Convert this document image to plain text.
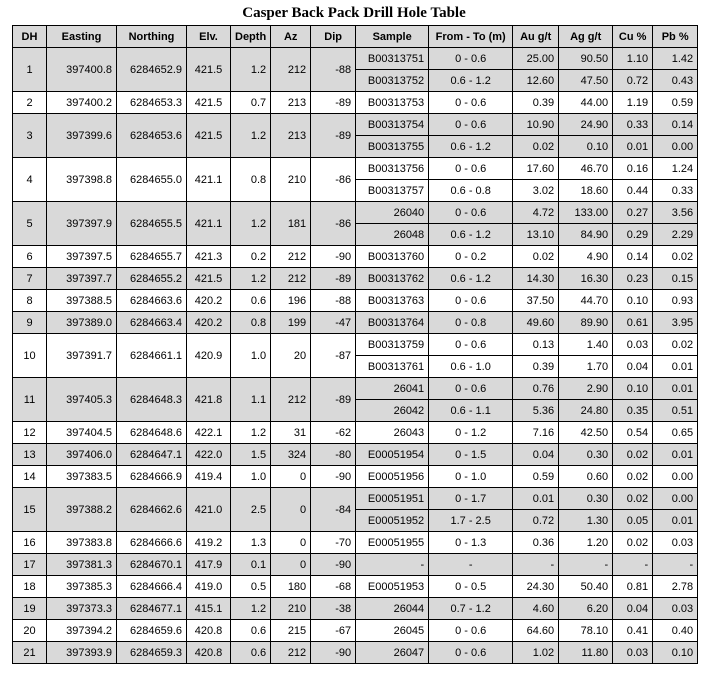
Casper Back Pack Drill Hole Table
DH	Easting	Northing	Elv.	Depth	Az	Dip	Sample	From - To (m)	Au g/t	Ag g/t	Cu %	Pb %
1	397400.8	6284652.9	421.5	1.2	212	-88	B00313751	0 - 0.6	25.00	90.50	1.10	1.42
							B00313752	0.6 - 1.2	12.60	47.50	0.72	0.43
2	397400.2	6284653.3	421.5	0.7	213	-89	B00313753	0 - 0.6	0.39	44.00	1.19	0.59
3	397399.6	6284653.6	421.5	1.2	213	-89	B00313754	0 - 0.6	10.90	24.90	0.33	0.14
							B00313755	0.6 - 1.2	0.02	0.10	0.01	0.00
4	397398.8	6284655.0	421.1	0.8	210	-86	B00313756	0 - 0.6	17.60	46.70	0.16	1.24
							B00313757	0.6 - 0.8	3.02	18.60	0.44	0.33
5	397397.9	6284655.5	421.1	1.2	181	-86	26040	0 - 0.6	4.72	133.00	0.27	3.56
							26048	0.6 - 1.2	13.10	84.90	0.29	2.29
6	397397.5	6284655.7	421.3	0.2	212	-90	B00313760	0 - 0.2	0.02	4.90	0.14	0.02
7	397397.7	6284655.2	421.5	1.2	212	-89	B00313762	0.6 - 1.2	14.30	16.30	0.23	0.15
8	397388.5	6284663.6	420.2	0.6	196	-88	B00313763	0 - 0.6	37.50	44.70	0.10	0.93
9	397389.0	6284663.4	420.2	0.8	199	-47	B00313764	0 - 0.8	49.60	89.90	0.61	3.95
10	397391.7	6284661.1	420.9	1.0	20	-87	B00313759	0 - 0.6	0.13	1.40	0.03	0.02
							B00313761	0.6 - 1.0	0.39	1.70	0.04	0.01
11	397405.3	6284648.3	421.8	1.1	212	-89	26041	0 - 0.6	0.76	2.90	0.10	0.01
							26042	0.6 - 1.1	5.36	24.80	0.35	0.51
12	397404.5	6284648.6	422.1	1.2	31	-62	26043	0 - 1.2	7.16	42.50	0.54	0.65
13	397406.0	6284647.1	422.0	1.5	324	-80	E00051954	0 - 1.5	0.04	0.30	0.02	0.01
14	397383.5	6284666.9	419.4	1.0	0	-90	E00051956	0 - 1.0	0.59	0.60	0.02	0.00
15	397388.2	6284662.6	421.0	2.5	0	-84	E00051951	0 - 1.7	0.01	0.30	0.02	0.00
							E00051952	1.7 - 2.5	0.72	1.30	0.05	0.01
16	397383.8	6284666.6	419.2	1.3	0	-70	E00051955	0 - 1.3	0.36	1.20	0.02	0.03
17	397381.3	6284670.1	417.9	0.1	0	-90	-	-	-	-	-	-
18	397385.3	6284666.4	419.0	0.5	180	-68	E00051953	0 - 0.5	24.30	50.40	0.81	2.78
19	397373.3	6284677.1	415.1	1.2	210	-38	26044	0.7 - 1.2	4.60	6.20	0.04	0.03
20	397394.2	6284659.6	420.8	0.6	215	-67	26045	0 - 0.6	64.60	78.10	0.41	0.40
21	397393.9	6284659.3	420.8	0.6	212	-90	26047	0 - 0.6	1.02	11.80	0.03	0.10
